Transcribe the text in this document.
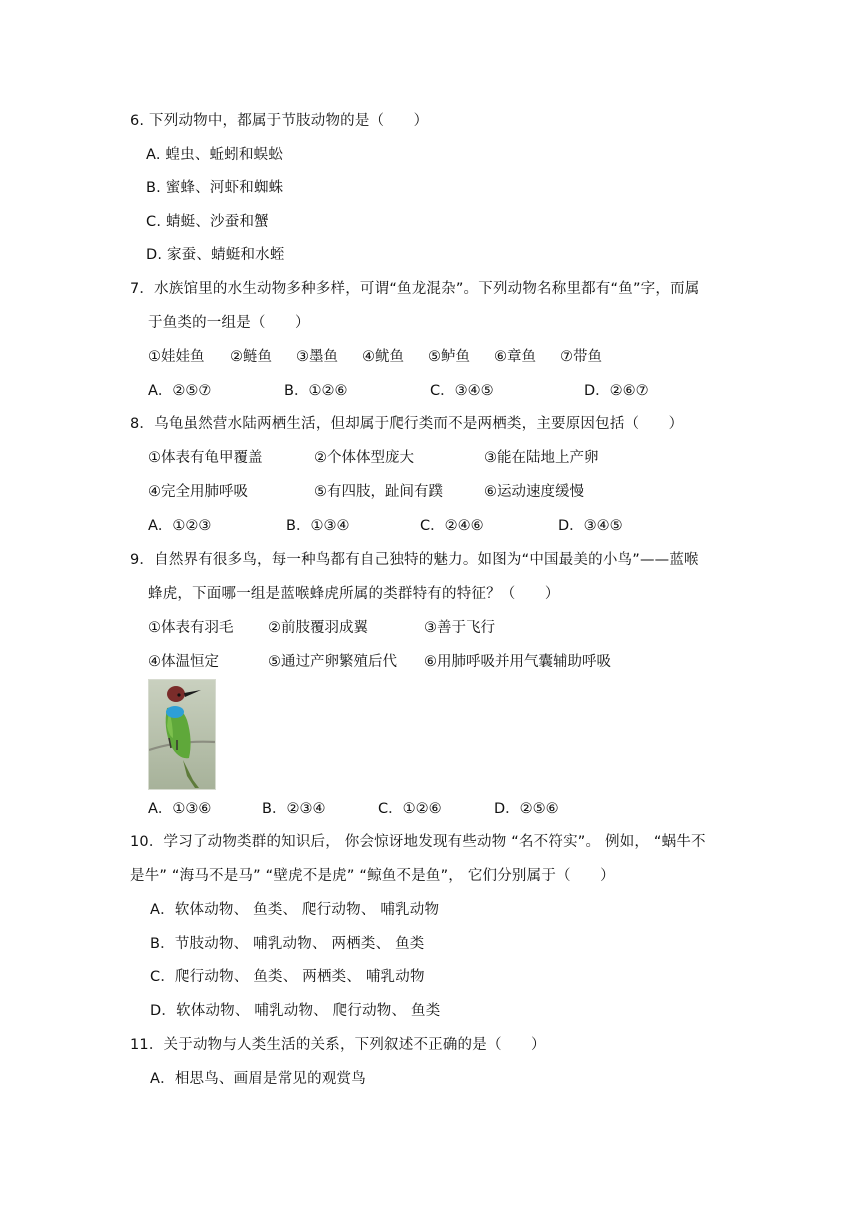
6. 下列动物中，都属于节肢动物的是（　　）
A. 蝗虫、蚯蚓和蜈蚣
B. 蜜蜂、河虾和蜘蛛
C. 蜻蜓、沙蚕和蟹
D. 家蚕、蜻蜓和水蛭
7．水族馆里的水生动物多种多样，可谓“鱼龙混杂”。下列动物名称里都有“鱼”字，而属
于鱼类的一组是（　　）
①娃娃鱼 ②鲢鱼 ③墨鱼 ④鱿鱼 ⑤鲈鱼 ⑥章鱼 ⑦带鱼
A．②⑤⑦	B．①②⑥	C．③④⑤	D．②⑥⑦
8．乌龟虽然营水陆两栖生活，但却属于爬行类而不是两栖类，主要原因包括（　　）
①体表有龟甲覆盖	②个体体型庞大	③能在陆地上产卵
④完全用肺呼吸	⑤有四肢，趾间有蹼	⑥运动速度缓慢
A．①②③	B．①③④	C．②④⑥	D．③④⑤
9．自然界有很多鸟，每一种鸟都有自己独特的魅力。如图为“中国最美的小鸟”——蓝喉
蜂虎，下面哪一组是蓝喉蜂虎所属的类群特有的特征？（　　）
①体表有羽毛 ②前肢覆羽成翼	③善于飞行
④体温恒定	⑤通过产卵繁殖后代 ⑥用肺呼吸并用气囊辅助呼吸
A．①③⑥	B．②③④	C．①②⑥	D．②⑤⑥
10．学习了动物类群的知识后， 你会惊讶地发现有些动物 “名不符实”。 例如， “蜗牛不
是牛” “海马不是马” “壁虎不是虎” “鲸鱼不是鱼”， 它们分别属于（　　）
A．软体动物、 鱼类、 爬行动物、 哺乳动物
B．节肢动物、 哺乳动物、 两栖类、 鱼类
C．爬行动物、 鱼类、 两栖类、 哺乳动物
D．软体动物、 哺乳动物、 爬行动物、 鱼类
11．关于动物与人类生活的关系，下列叙述不正确的是（　　）
A．相思鸟、画眉是常见的观赏鸟
